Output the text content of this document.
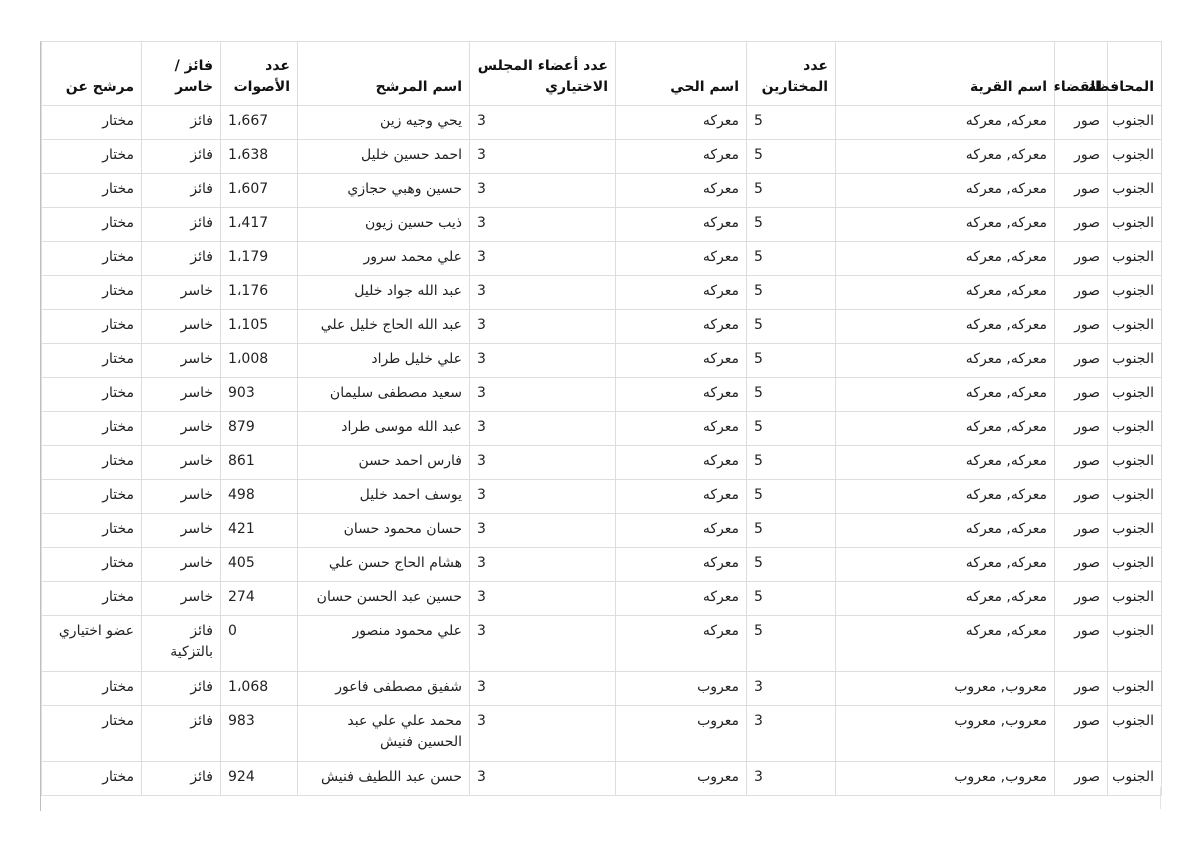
المحافظة	القضاء	اسم القرية	عدد المختارين	اسم الحي	عدد أعضاء المجلس الاختياري	اسم المرشح	عدد الأصوات	فائز / خاسر	مرشح عن
الجنوب	صور	معركه, معركه	5	معركه	3	يحي وجيه زين	1،667	فائز	مختار
الجنوب	صور	معركه, معركه	5	معركه	3	احمد حسين خليل	1،638	فائز	مختار
الجنوب	صور	معركه, معركه	5	معركه	3	حسين وهبي حجازي	1،607	فائز	مختار
الجنوب	صور	معركه, معركه	5	معركه	3	ذيب حسين زيون	1،417	فائز	مختار
الجنوب	صور	معركه, معركه	5	معركه	3	علي محمد سرور	1،179	فائز	مختار
الجنوب	صور	معركه, معركه	5	معركه	3	عبد الله جواد خليل	1،176	خاسر	مختار
الجنوب	صور	معركه, معركه	5	معركه	3	عبد الله الحاج خليل علي	1،105	خاسر	مختار
الجنوب	صور	معركه, معركه	5	معركه	3	علي خليل طراد	1،008	خاسر	مختار
الجنوب	صور	معركه, معركه	5	معركه	3	سعيد مصطفى سليمان	903	خاسر	مختار
الجنوب	صور	معركه, معركه	5	معركه	3	عبد الله موسى طراد	879	خاسر	مختار
الجنوب	صور	معركه, معركه	5	معركه	3	فارس احمد حسن	861	خاسر	مختار
الجنوب	صور	معركه, معركه	5	معركه	3	يوسف احمد خليل	498	خاسر	مختار
الجنوب	صور	معركه, معركه	5	معركه	3	حسان محمود حسان	421	خاسر	مختار
الجنوب	صور	معركه, معركه	5	معركه	3	هشام الحاج حسن علي	405	خاسر	مختار
الجنوب	صور	معركه, معركه	5	معركه	3	حسين عبد الحسن حسان	274	خاسر	مختار
الجنوب	صور	معركه, معركه	5	معركه	3	علي محمود منصور	0	فائز بالتزكية	عضو اختياري
الجنوب	صور	معروب, معروب	3	معروب	3	شفيق مصطفى فاعور	1،068	فائز	مختار
الجنوب	صور	معروب, معروب	3	معروب	3	محمد علي علي عبد الحسين فنيش	983	فائز	مختار
الجنوب	صور	معروب, معروب	3	معروب	3	حسن عبد اللطيف فنيش	924	فائز	مختار
